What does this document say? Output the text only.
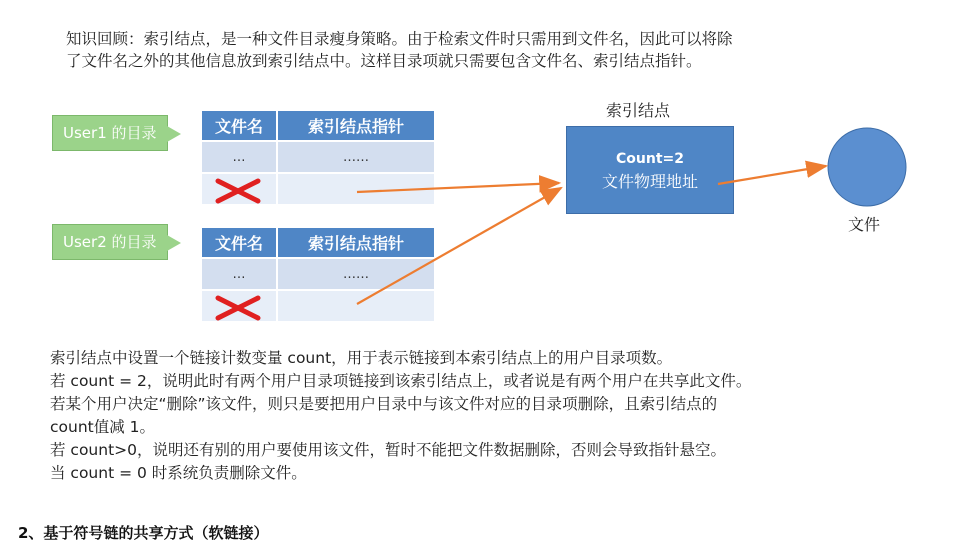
知识回顾：索引结点，是一种文件目录瘦身策略。由于检索文件时只需用到文件名，因此可以将除
了文件名之外的其他信息放到索引结点中。这样目录项就只需要包含文件名、索引结点指针。
User1 的目录	文件名	索引结点指针
…	……

User2 的目录	文件名	索引结点指针
…	……

索引结点
Count=2
文件物理地址
文件
索引结点中设置一个链接计数变量 count，用于表示链接到本索引结点上的用户目录项数。
若 count = 2，说明此时有两个用户目录项链接到该索引结点上，或者说是有两个用户在共享此文件。
若某个用户决定“删除”该文件，则只是要把用户目录中与该文件对应的目录项删除，且索引结点的
count值减 1。
若 count>0，说明还有别的用户要使用该文件，暂时不能把文件数据删除，否则会导致指针悬空。
当 count = 0 时系统负责删除文件。
2、基于符号链的共享方式（软链接）
